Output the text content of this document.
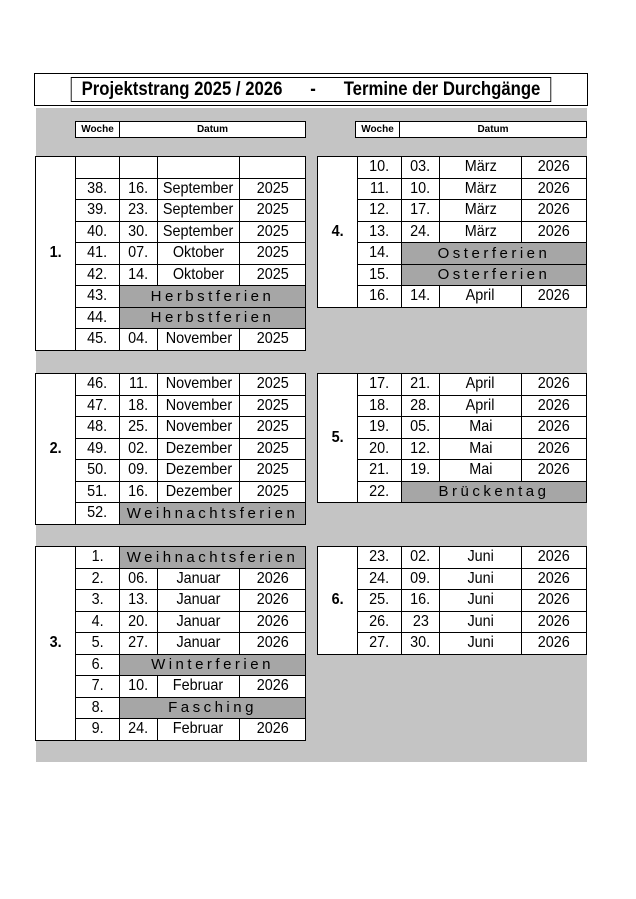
Projektstrang 2025 / 2026      -      Termine der Durchgänge
Woche	Datum	Woche	Datum
1.				
	38.	16.	September	2025
	39.	23.	September	2025
	40.	30.	September	2025
	41.	07.	Oktober	2025
	42.	14.	Oktober	2025
	43.	Herbstferien		
	44.	Herbstferien		
	45.	04.	November	2025
2.	46.	11.	November	2025
	47.	18.	November	2025
	48.	25.	November	2025
	49.	02.	Dezember	2025
	50.	09.	Dezember	2025
	51.	16.	Dezember	2025
	52.	Weihnachtsferien		
3.	1.	Weihnachtsferien		
	2.	06.	Januar	2026
	3.	13.	Januar	2026
	4.	20.	Januar	2026
	5.	27.	Januar	2026
	6.	Winterferien		
	7.	10.	Februar	2026
	8.	Fasching		
	9.	24.	Februar	2026
4.	10.	03.	März	2026
	11.	10.	März	2026
	12.	17.	März	2026
	13.	24.	März	2026
	14.	Osterferien		
	15.	Osterferien		
	16.	14.	April	2026
5.	17.	21.	April	2026
	18.	28.	April	2026
	19.	05.	Mai	2026
	20.	12.	Mai	2026
	21.	19.	Mai	2026
	22.	Brückentag		
6.	23.	02.	Juni	2026
	24.	09.	Juni	2026
	25.	16.	Juni	2026
	26.	23	Juni	2026
	27.	30.	Juni	2026
